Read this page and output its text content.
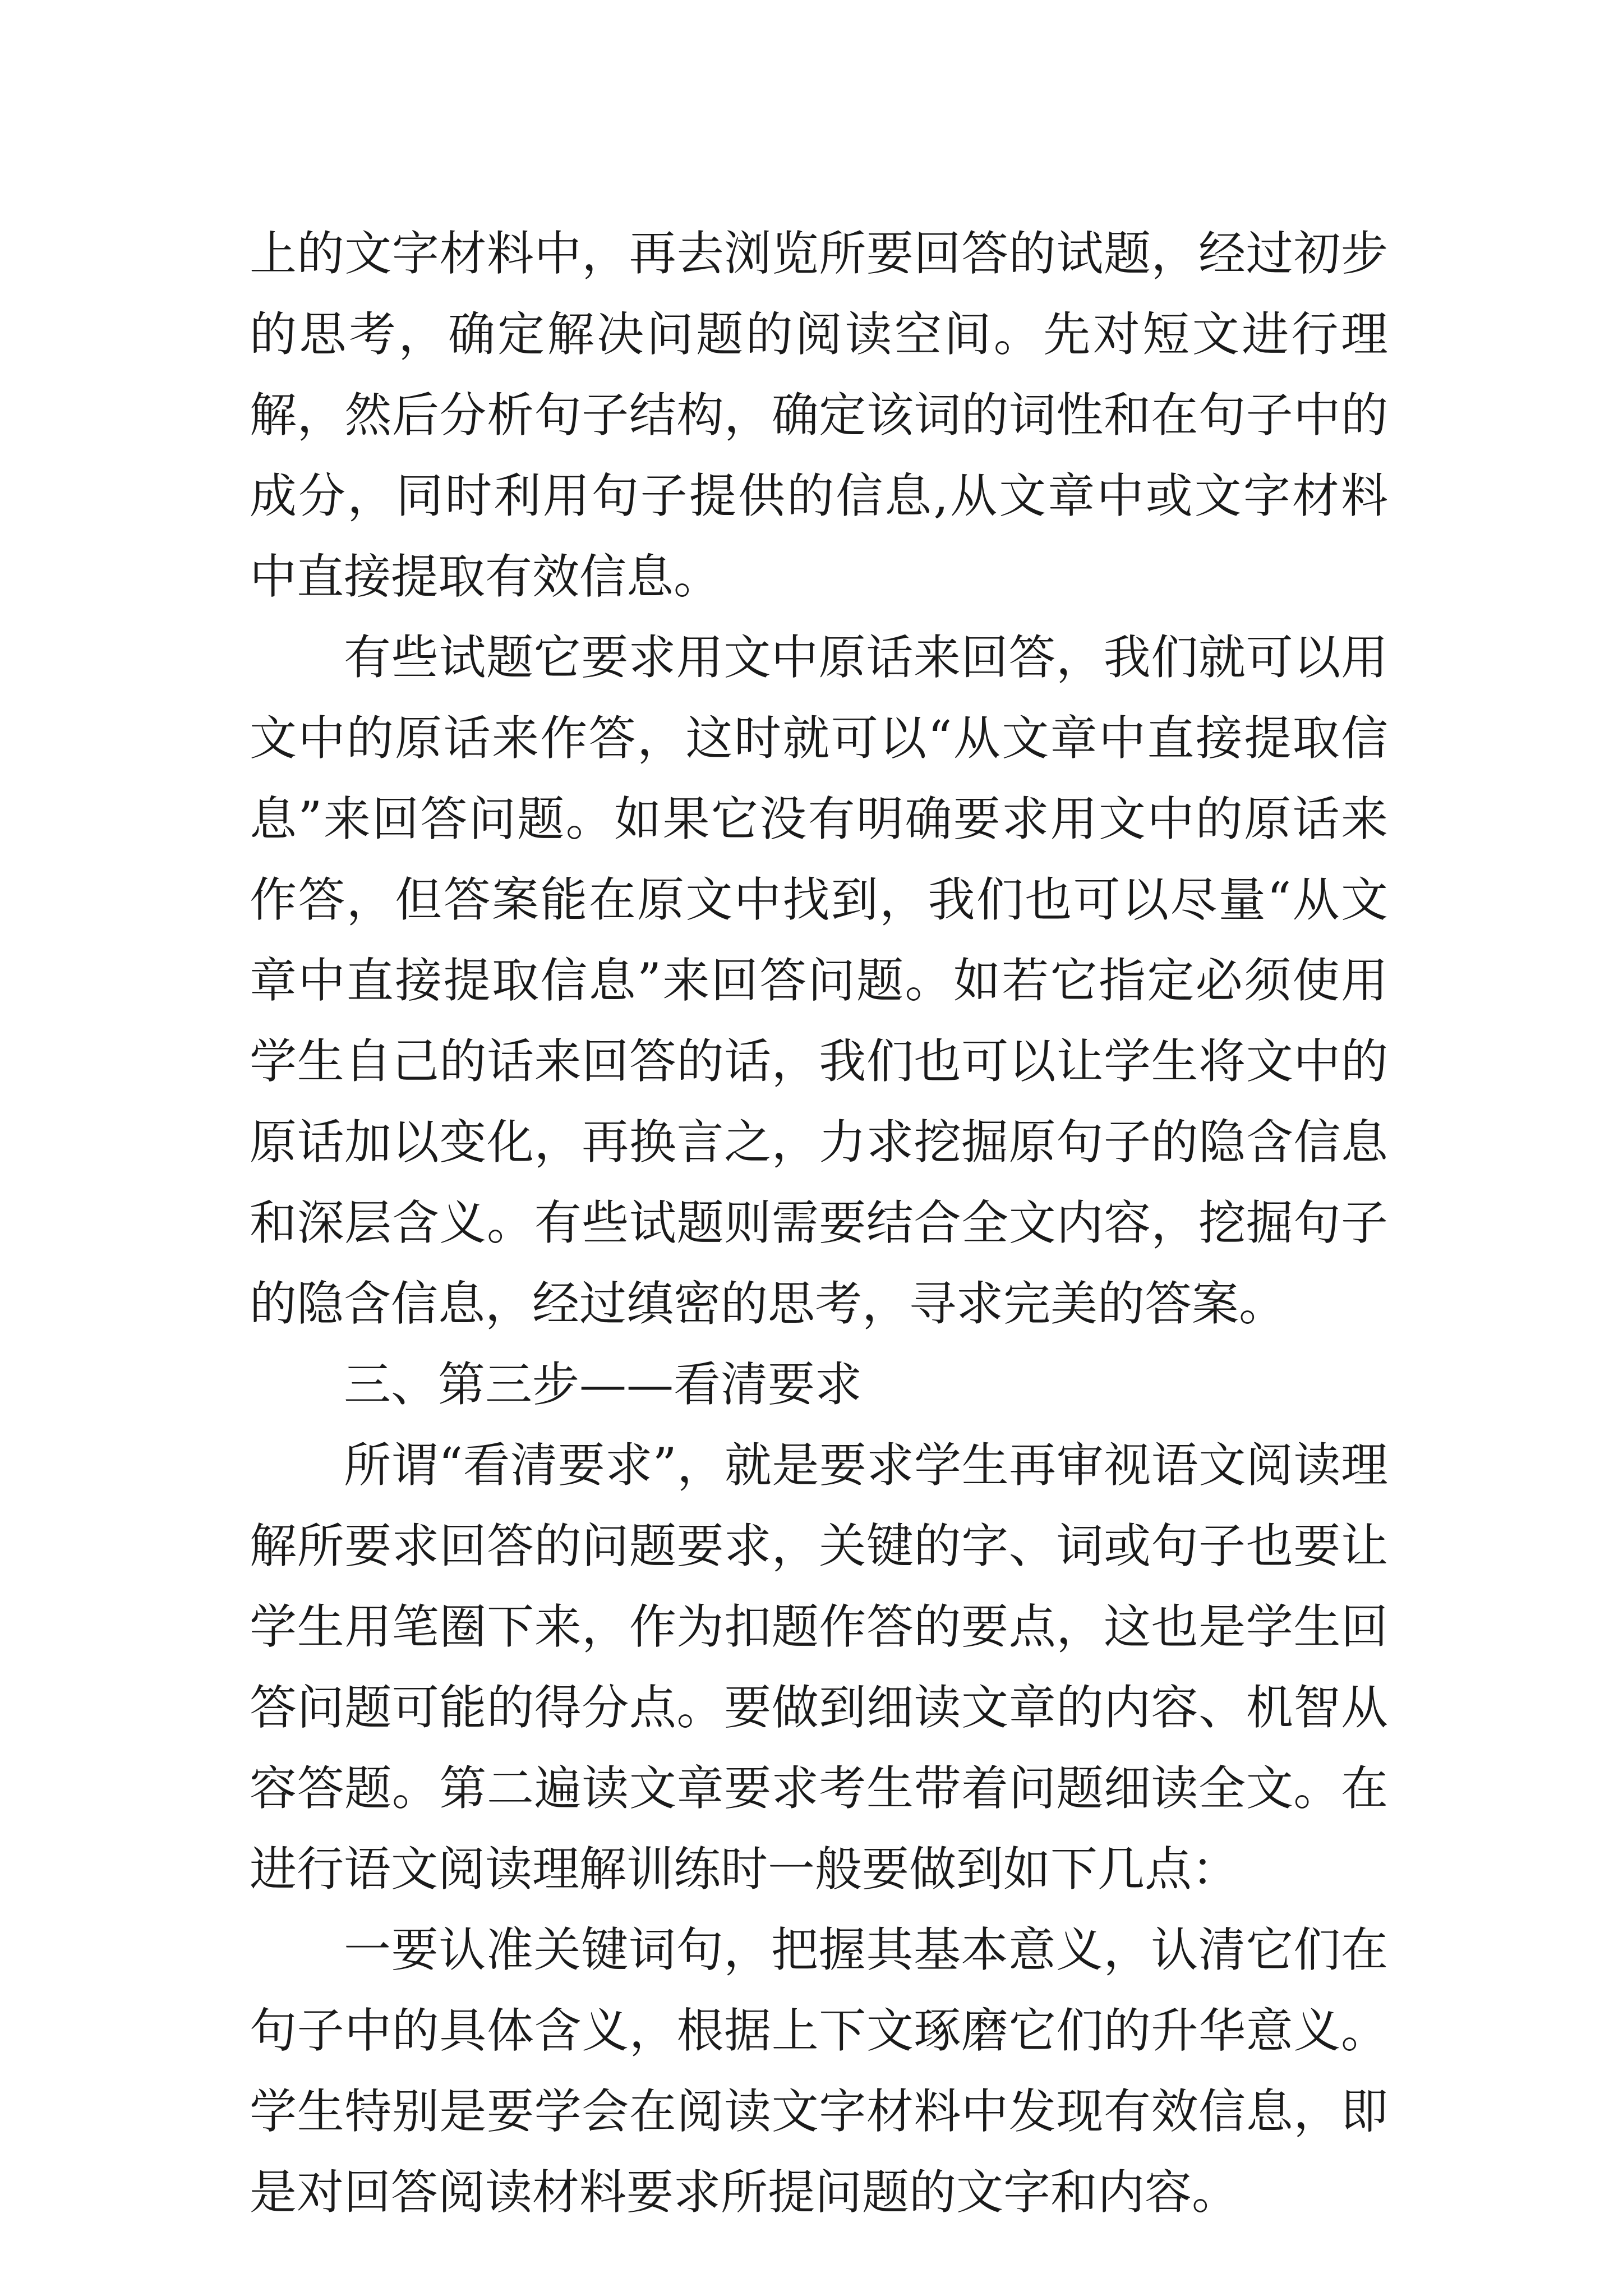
上的文字材料中，再去浏览所要回答的试题，经过初步的思考，确定解决问题的阅读空间。先对短文进行理解，然后分析句子结构，确定该词的词性和在句子中的成分，同时利用句子提供的信息,从文章中或文字材料中直接提取有效信息。

有些试题它要求用文中原话来回答，我们就可以用文中的原话来作答，这时就可以“从文章中直接提取信息”来回答问题。如果它没有明确要求用文中的原话来作答，但答案能在原文中找到，我们也可以尽量“从文章中直接提取信息”来回答问题。如若它指定必须使用学生自己的话来回答的话，我们也可以让学生将文中的原话加以变化，再换言之，力求挖掘原句子的隐含信息和深层含义。有些试题则需要结合全文内容，挖掘句子的隐含信息，经过缜密的思考，寻求完美的答案。

三、第三步——看清要求

所谓“看清要求”，就是要求学生再审视语文阅读理解所要求回答的问题要求，关键的字、词或句子也要让学生用笔圈下来，作为扣题作答的要点，这也是学生回答问题可能的得分点。要做到细读文章的内容、机智从容答题。第二遍读文章要求考生带着问题细读全文。在进行语文阅读理解训练时一般要做到如下几点：

一要认准关键词句，把握其基本意义，认清它们在句子中的具体含义，根据上下文琢磨它们的升华意义。学生特别是要学会在阅读文字材料中发现有效信息，即是对回答阅读材料要求所提问题的文字和内容。
